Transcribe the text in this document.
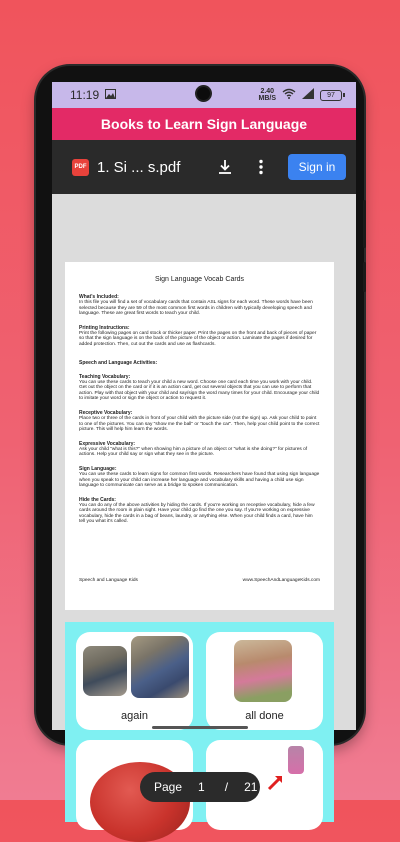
11:19	2.40
MB/S	97
Books to Learn Sign Language
PDF 1. Si ... s.pdf	Sign in
Sign Language Vocab Cards
What's Included:
In this file you will find a set of vocabulary cards that contain ASL signs for each word. These words have been selected because they are 59 of the most common first words in children with typically developing speech and language. These are great first words to teach your child.
Printing Instructions:
Print the following pages on card stock or thicker paper. Print the pages on the front and back of pieces of paper so that the sign language is on the back of the picture of the object or action. Laminate the pages if desired for added protection. Then, cut out the cards and use as flashcards.
Speech and Language Activities:
Teaching Vocabulary:
You can use these cards to teach your child a new word. Choose one card each time you work with your child. Get out the object on the card or if it is an action card, get out several objects that you can use to perform that action. Play with that object with your child and say/sign the word many times for your child. Encourage your child to imitate your word or sign the object or action to request it.
Receptive Vocabulary:
Place two or three of the cards in front of your child with the picture side (not the sign) up. Ask your child to point to one of the pictures. You can say "show me the ball" or "touch the car". Then, help your child point to the correct picture. This will help him learn the words.
Expressive Vocabulary:
Ask your child "what is this?" when showing him a picture of an object or "what is she doing?" for pictures of actions. Help your child say or sign what they see in the picture.
Sign Language:
You can use these cards to learn signs for common first words. Researchers have found that using sign language when you speak to your child can increase her language and vocabulary skills and having a child use sign language to communicate can serve as a bridge to spoken communication.
Hide the Cards:
You can do any of the above activities by hiding the cards. If you're working on receptive vocabulary, hide a few cards around the room in plain sight. Have your child go find the one you say. If you're working on expressive vocabulary, hide the cards in a bag of beans, laundry, or anything else. When your child finds a card, have him tell you what it's called.
Speech and Language Kids	www.SpeechAndLanguageKids.com
again	all done
Page 1 / 21
